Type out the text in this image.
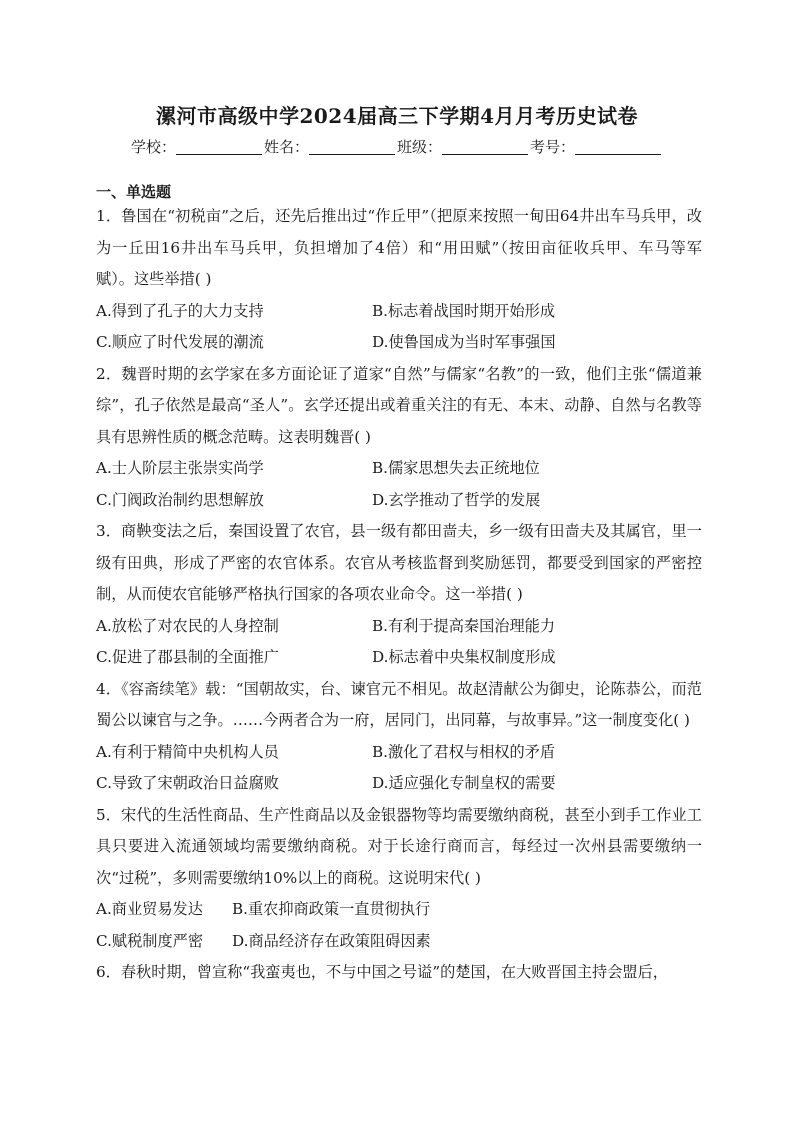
漯河市高级中学2024届高三下学期4月月考历史试卷
学校：	姓名：	班级：	考号：
一、单选题

1．鲁国在“初税亩”之后，还先后推出过“作丘甲”（把原来按照一甸田64井出车马兵甲，改为一丘田16井出车马兵甲，负担增加了4倍）和“用田赋”（按田亩征收兵甲、车马等军赋）。这些举措( )

A.得到了孔子的大力支持	B.标志着战国时期开始形成
C.顺应了时代发展的潮流	D.使鲁国成为当时军事强国

2．魏晋时期的玄学家在多方面论证了道家“自然”与儒家“名教”的一致，他们主张“儒道兼综”，孔子依然是最高“圣人”。玄学还提出或着重关注的有无、本末、动静、自然与名教等具有思辨性质的概念范畴。这表明魏晋( )

A.士人阶层主张崇实尚学	B.儒家思想失去正统地位
C.门阀政治制约思想解放	D.玄学推动了哲学的发展

3．商鞅变法之后，秦国设置了农官，县一级有都田啬夫，乡一级有田啬夫及其属官，里一级有田典，形成了严密的农官体系。农官从考核监督到奖励惩罚，都要受到国家的严密控制，从而使农官能够严格执行国家的各项农业命令。这一举措( )

A.放松了对农民的人身控制	B.有利于提高秦国治理能力
C.促进了郡县制的全面推广	D.标志着中央集权制度形成

4．《容斋续笔》载：“国朝故实，台、谏官元不相见。故赵清献公为御史，论陈恭公，而范蜀公以谏官与之争。……今两者合为一府，居同门，出同幕，与故事异。”这一制度变化( )

A.有利于精简中央机构人员	B.激化了君权与相权的矛盾
C.导致了宋朝政治日益腐败	D.适应强化专制皇权的需要

5．宋代的生活性商品、生产性商品以及金银器物等均需要缴纳商税，甚至小到手工作业工具只要进入流通领域均需要缴纳商税。对于长途行商而言，每经过一次州县需要缴纳一次“过税”，多则需要缴纳10%以上的商税。这说明宋代( )

A.商业贸易发达 B.重农抑商政策一直贯彻执行
C.赋税制度严密 D.商品经济存在政策阻碍因素

6．春秋时期，曾宣称“我蛮夷也，不与中国之号谥”的楚国，在大败晋国主持会盟后，
